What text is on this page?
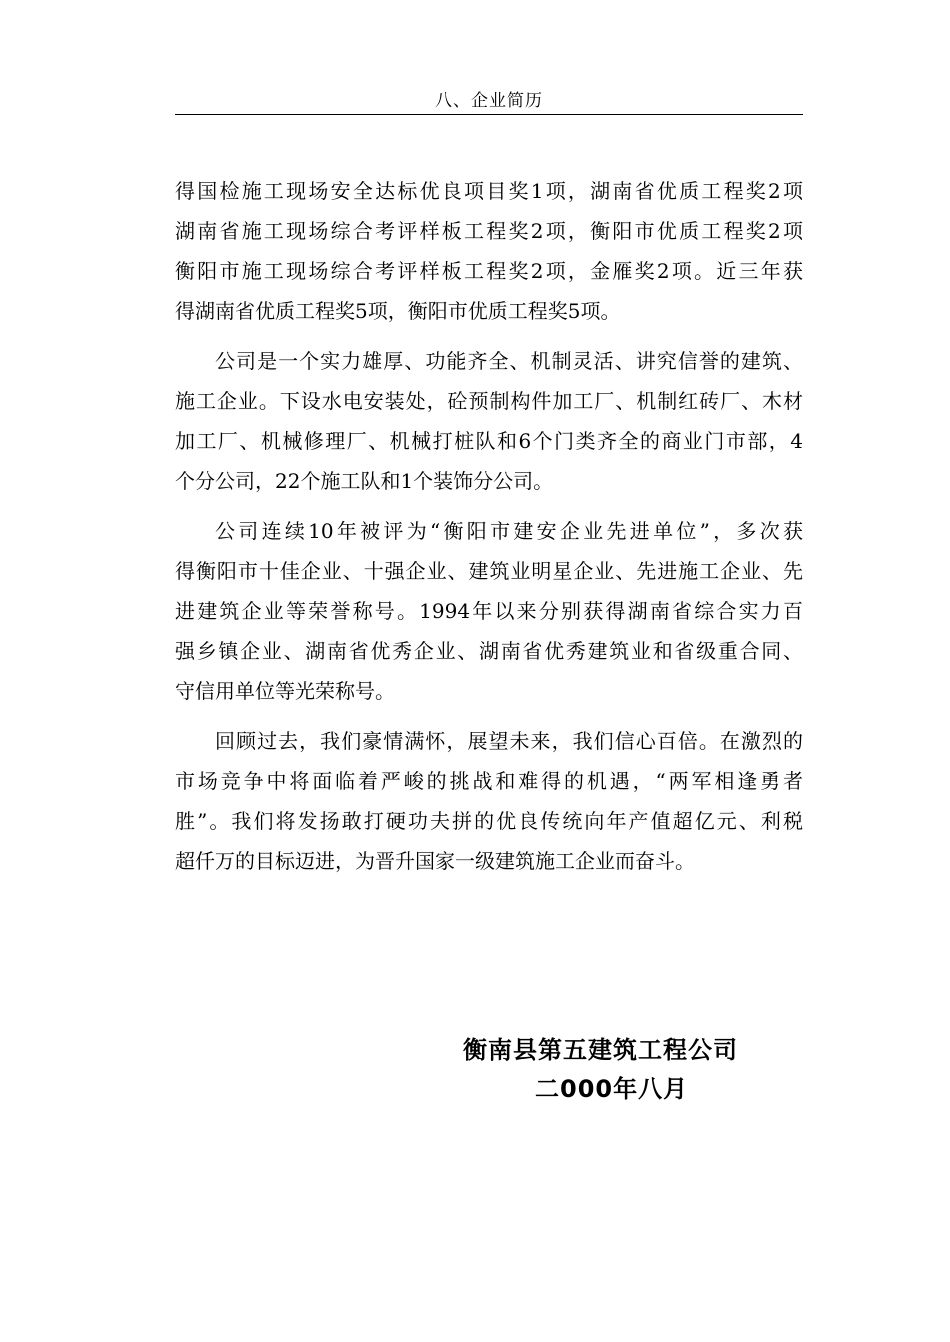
八、企业简历
得国检施工现场安全达标优良项目奖1项，湖南省优质工程奖2项
湖南省施工现场综合考评样板工程奖2项，衡阳市优质工程奖2项
衡阳市施工现场综合考评样板工程奖2项，金雁奖2项。近三年获
得湖南省优质工程奖5项，衡阳市优质工程奖5项。
公司是一个实力雄厚、功能齐全、机制灵活、讲究信誉的建筑、
施工企业。下设水电安装处，砼预制构件加工厂、机制红砖厂、木材
加工厂、机械修理厂、机械打桩队和6个门类齐全的商业门市部，4
个分公司，22个施工队和1个装饰分公司。
公司连续10年被评为“衡阳市建安企业先进单位”，多次获
得衡阳市十佳企业、十强企业、建筑业明星企业、先进施工企业、先
进建筑企业等荣誉称号。1994年以来分别获得湖南省综合实力百
强乡镇企业、湖南省优秀企业、湖南省优秀建筑业和省级重合同、
守信用单位等光荣称号。
回顾过去，我们豪情满怀，展望未来，我们信心百倍。在激烈的
市场竞争中将面临着严峻的挑战和难得的机遇，“两军相逢勇者
胜”。我们将发扬敢打硬功夫拼的优良传统向年产值超亿元、利税
超仟万的目标迈进，为晋升国家一级建筑施工企业而奋斗。
衡南县第五建筑工程公司
二000年八月
